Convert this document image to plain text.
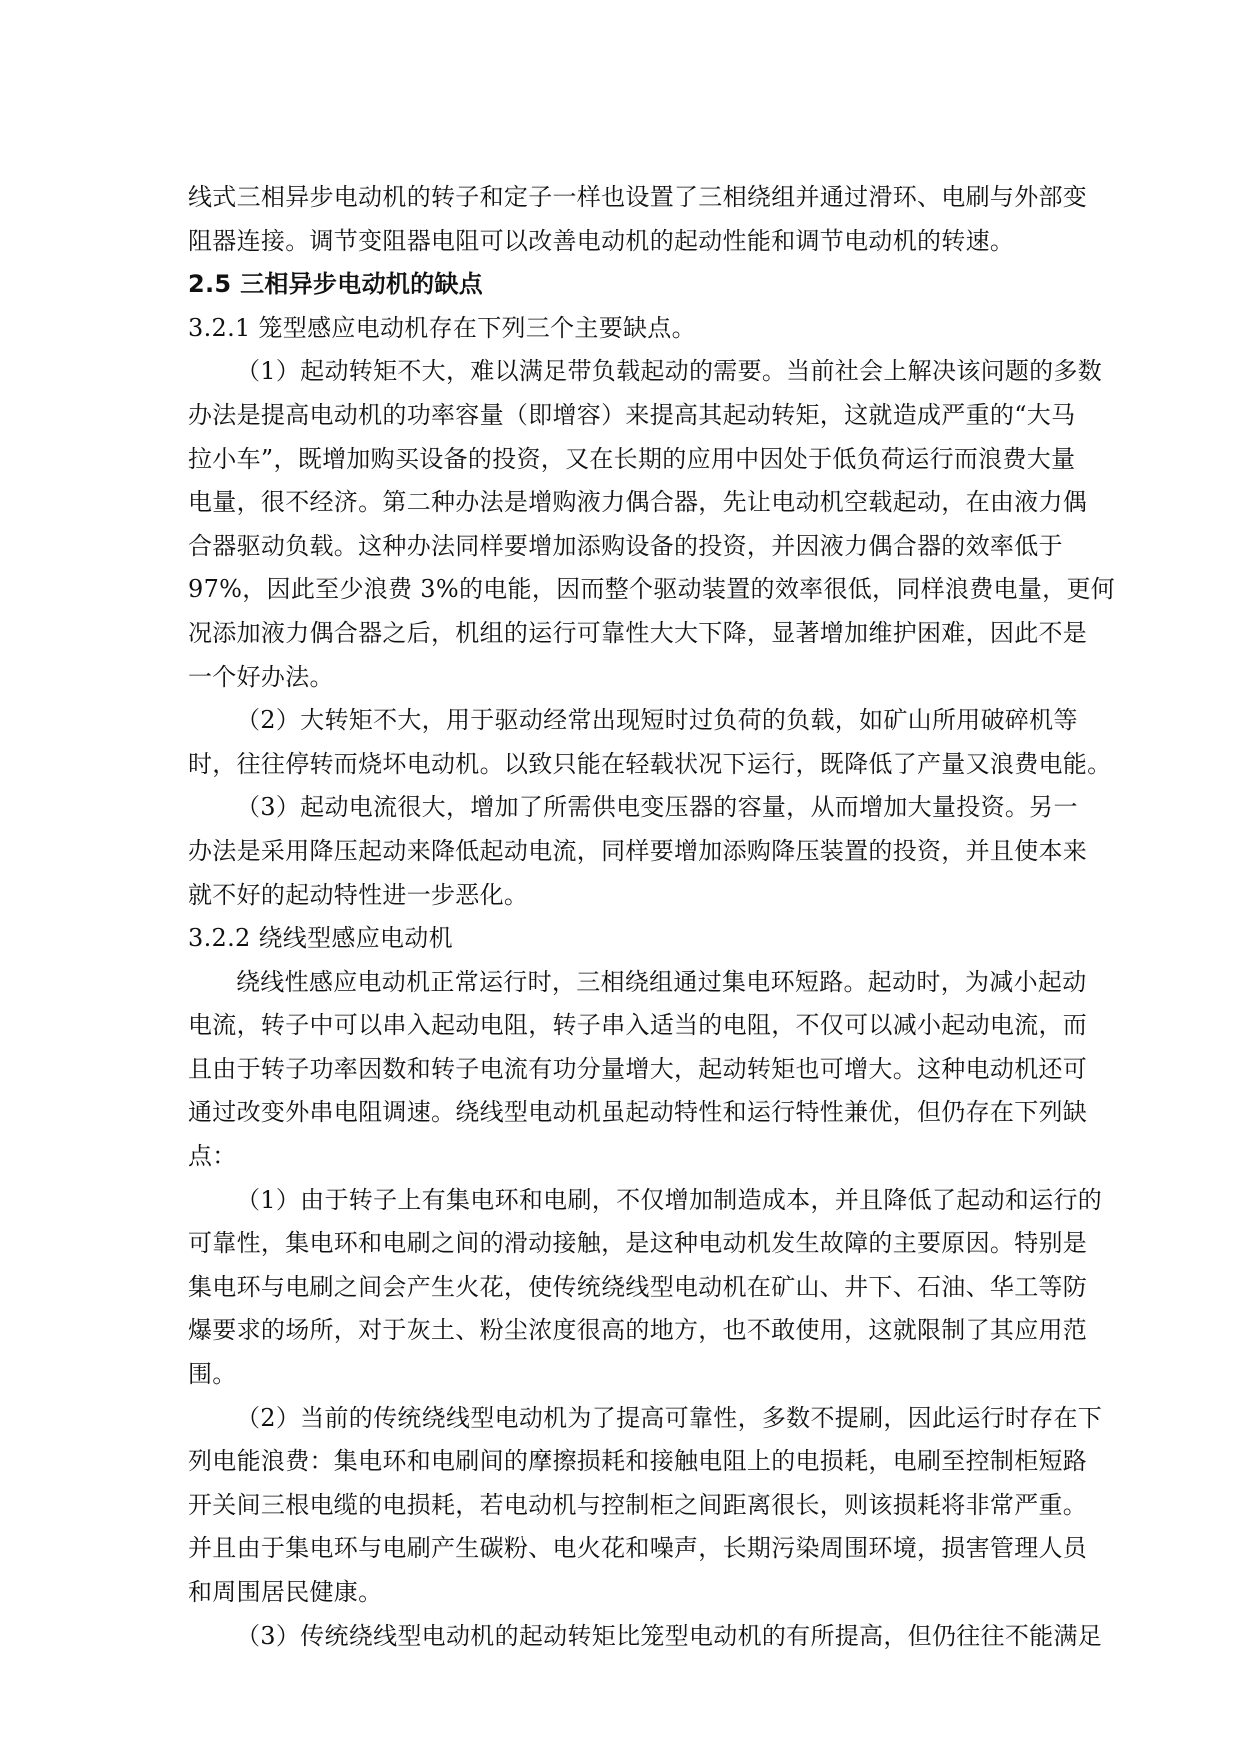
线式三相异步电动机的转子和定子一样也设置了三相绕组并通过滑环、电刷与外部变
阻器连接。调节变阻器电阻可以改善电动机的起动性能和调节电动机的转速。
2.5 三相异步电动机的缺点
3.2.1 笼型感应电动机存在下列三个主要缺点。
（1）起动转矩不大，难以满足带负载起动的需要。当前社会上解决该问题的多数
办法是提高电动机的功率容量（即增容）来提高其起动转矩，这就造成严重的“大马
拉小车”，既增加购买设备的投资，又在长期的应用中因处于低负荷运行而浪费大量
电量，很不经济。第二种办法是增购液力偶合器，先让电动机空载起动，在由液力偶
合器驱动负载。这种办法同样要增加添购设备的投资，并因液力偶合器的效率低于
97%，因此至少浪费 3%的电能，因而整个驱动装置的效率很低，同样浪费电量，更何
况添加液力偶合器之后，机组的运行可靠性大大下降，显著增加维护困难，因此不是
一个好办法。
（2）大转矩不大，用于驱动经常出现短时过负荷的负载，如矿山所用破碎机等
时，往往停转而烧坏电动机。以致只能在轻载状况下运行，既降低了产量又浪费电能。
（3）起动电流很大，增加了所需供电变压器的容量，从而增加大量投资。另一
办法是采用降压起动来降低起动电流，同样要增加添购降压装置的投资，并且使本来
就不好的起动特性进一步恶化。
3.2.2 绕线型感应电动机
绕线性感应电动机正常运行时，三相绕组通过集电环短路。起动时，为减小起动
电流，转子中可以串入起动电阻，转子串入适当的电阻，不仅可以减小起动电流，而
且由于转子功率因数和转子电流有功分量增大，起动转矩也可增大。这种电动机还可
通过改变外串电阻调速。绕线型电动机虽起动特性和运行特性兼优，但仍存在下列缺
点：
（1）由于转子上有集电环和电刷，不仅增加制造成本，并且降低了起动和运行的
可靠性，集电环和电刷之间的滑动接触，是这种电动机发生故障的主要原因。特别是
集电环与电刷之间会产生火花，使传统绕线型电动机在矿山、井下、石油、华工等防
爆要求的场所，对于灰土、粉尘浓度很高的地方，也不敢使用，这就限制了其应用范
围。
（2）当前的传统绕线型电动机为了提高可靠性，多数不提刷，因此运行时存在下
列电能浪费：集电环和电刷间的摩擦损耗和接触电阻上的电损耗，电刷至控制柜短路
开关间三根电缆的电损耗，若电动机与控制柜之间距离很长，则该损耗将非常严重。
并且由于集电环与电刷产生碳粉、电火花和噪声，长期污染周围环境，损害管理人员
和周围居民健康。
（3）传统绕线型电动机的起动转矩比笼型电动机的有所提高，但仍往往不能满足
